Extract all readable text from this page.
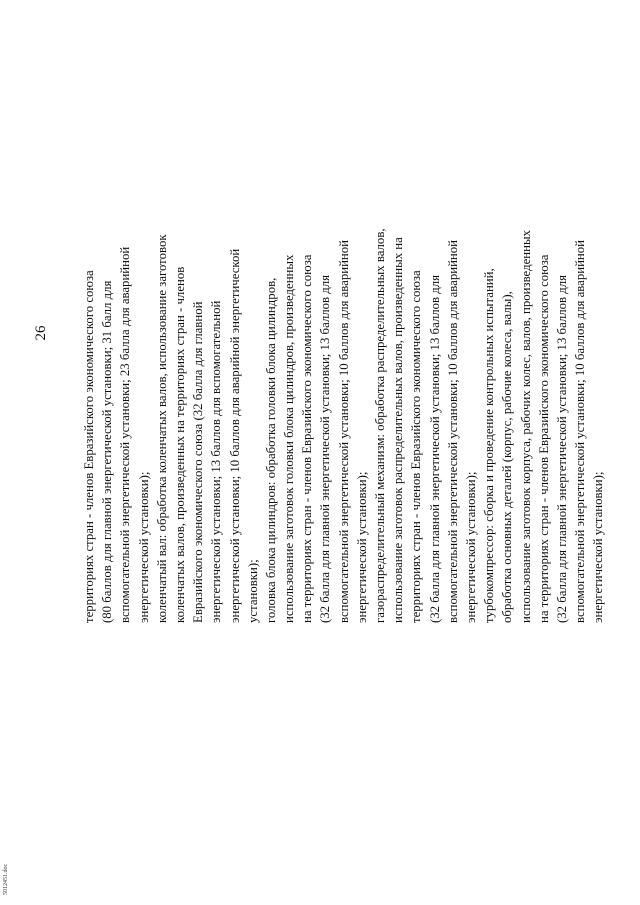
26	территориях стран - членов Евразийского экономического союза (80 баллов для главной энергетической установки; 31 балл для вспомогательной энергетической установки; 23 балла для аварийной энергетической установки); коленчатый вал: обработка коленчатых валов, использование заготовок коленчатых валов, произведенных на территориях стран - членов Евразийского экономического союза (32 балла для главной энергетической установки; 13 баллов для вспомогательной энергетической установки; 10 баллов для аварийной энергетической установки); головка блока цилиндров: обработка головки блока цилиндров, использование заготовок головки блока цилиндров, произведенных на территориях стран - членов Евразийского экономического союза (32 балла для главной энергетической установки; 13 баллов для вспомогательной энергетической установки; 10 баллов для аварийной энергетической установки); газораспределительный механизм: обработка распределительных валов, использование заготовок распределительных валов, произведенных на территориях стран - членов Евразийского экономического союза (32 балла для главной энергетической установки; 13 баллов для вспомогательной энергетической установки; 10 баллов для аварийной энергетической установки); турбокомпрессор: сборка и проведение контрольных испытаний, обработка основных деталей (корпус, рабочие колеса, валы), использование заготовок корпуса, рабочих колес, валов, произведенных на территориях стран - членов Евразийского экономического союза (32 балла для главной энергетической установки; 13 баллов для вспомогательной энергетической установки; 10 баллов для аварийной энергетической установки);
5012451.doc
